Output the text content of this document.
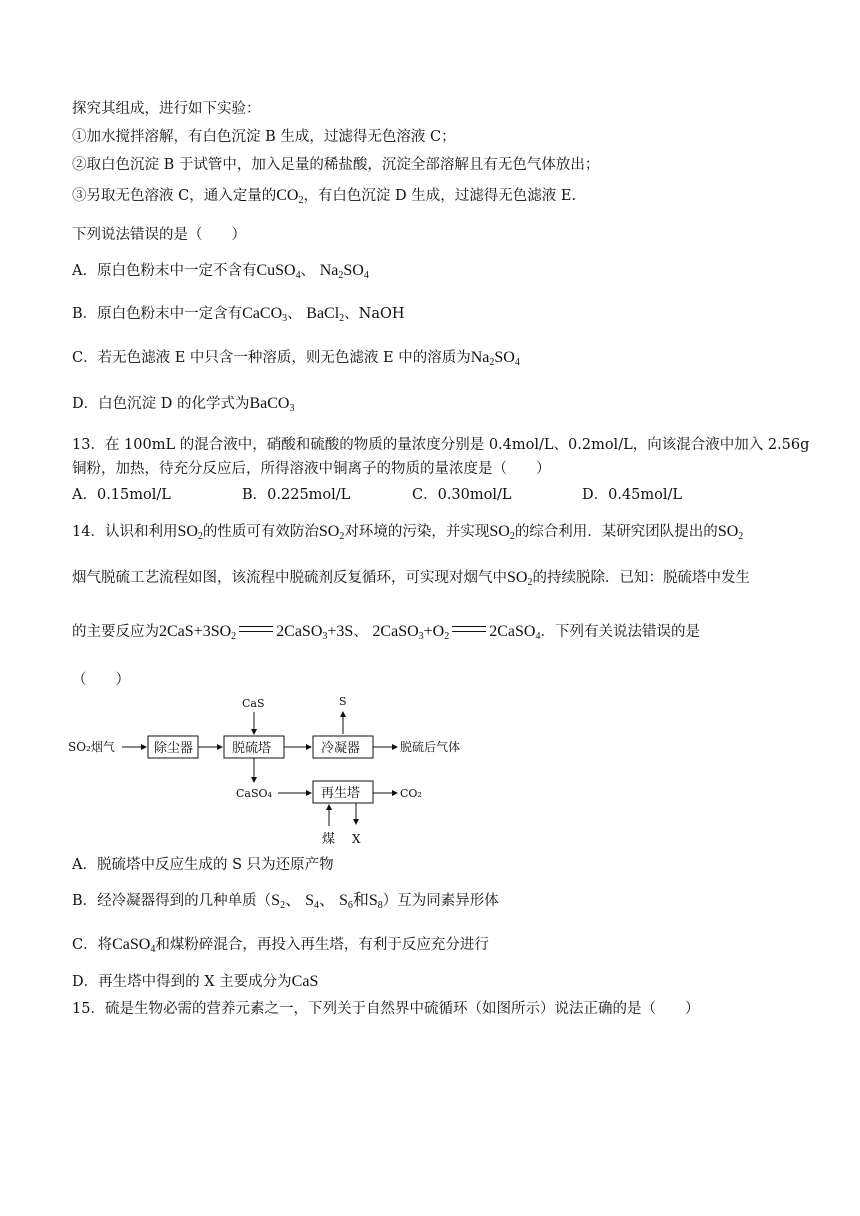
探究其组成，进行如下实验：
①加水搅拌溶解，有白色沉淀 B 生成，过滤得无色溶液 C；
②取白色沉淀 B 于试管中，加入足量的稀盐酸，沉淀全部溶解且有无色气体放出；
③另取无色溶液 C，通入定量的$CO_2$，有白色沉淀 D 生成，过滤得无色滤液 E.
下列说法错误的是（　　）
A．原白色粉末中一定不含有CuSO$_4$、 $Na_2SO_4$
B．原白色粉末中一定含有CaCO$_3$、 BaCl$_2$、NaOH
C．若无色滤液 E 中只含一种溶质，则无色滤液 E 中的溶质为$Na_2SO_4$
D．白色沉淀 D 的化学式为BaCO$_3$
13．在 100mL 的混合液中，硝酸和硫酸的物质的量浓度分别是 0.4mol/L、0.2mol/L，向该混合液中加入 2.56g
铜粉，加热，待充分反应后，所得溶液中铜离子的物质的量浓度是（　　）
A．0.15mol/L	B．0.225mol/L	C．0.30mol/L	D．0.45mol/L
14．认识和利用$SO_2$的性质可有效防治$SO_2$对环境的污染，并实现$SO_2$的综合利用．某研究团队提出的$SO_2$
烟气脱硫工艺流程如图，该流程中脱硫剂反复循环，可实现对烟气中$SO_2$的持续脱除．已知：脱硫塔中发生
的主要反应为$2CaS+3SO_2$	2CaSO$_3$+3S、 $2CaSO_3+O_2$	2CaSO$_4$．下列有关说法错误的是
（　　）
SO₂烟气	除尘器	脱硫塔
CaS
冷凝器
S
脱硫后气体
CaSO₄	再生塔	CO₂
煤 X
A．脱硫塔中反应生成的 S 只为还原产物
B．经冷凝器得到的几种单质（$S_2$、 $S_4$、 $S_6$和$S_8$）互为同素异形体
C．将CaSO$_4$和煤粉碎混合，再投入再生塔，有利于反应充分进行
D．再生塔中得到的 X 主要成分为CaS
15．硫是生物必需的营养元素之一，下列关于自然界中硫循环（如图所示）说法正确的是（　　）
